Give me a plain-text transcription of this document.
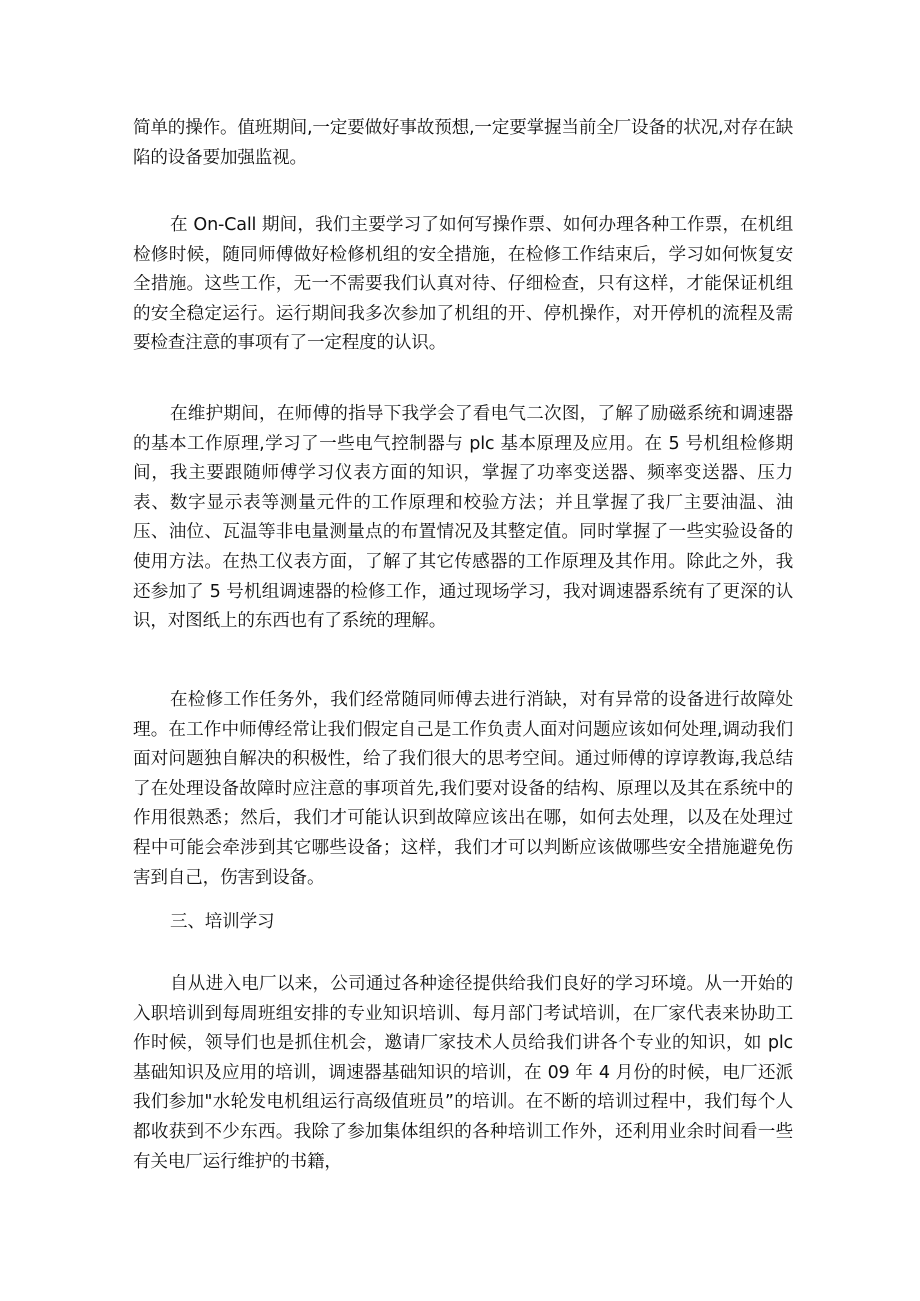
简单的操作。值班期间,一定要做好事故预想,一定要掌握当前全厂设备的状况,对存在缺陷的设备要加强监视。

在 On-Call 期间，我们主要学习了如何写操作票、如何办理各种工作票，在机组检修时候，随同师傅做好检修机组的安全措施，在检修工作结束后，学习如何恢复安全措施。这些工作，无一不需要我们认真对待、仔细检查，只有这样，才能保证机组的安全稳定运行。运行期间我多次参加了机组的开、停机操作，对开停机的流程及需要检查注意的事项有了一定程度的认识。

在维护期间，在师傅的指导下我学会了看电气二次图，了解了励磁系统和调速器的基本工作原理,学习了一些电气控制器与 plc 基本原理及应用。在 5 号机组检修期间，我主要跟随师傅学习仪表方面的知识，掌握了功率变送器、频率变送器、压力表、数字显示表等测量元件的工作原理和校验方法；并且掌握了我厂主要油温、油压、油位、瓦温等非电量测量点的布置情况及其整定值。同时掌握了一些实验设备的使用方法。在热工仪表方面，了解了其它传感器的工作原理及其作用。除此之外，我还参加了 5 号机组调速器的检修工作，通过现场学习，我对调速器系统有了更深的认识，对图纸上的东西也有了系统的理解。

在检修工作任务外，我们经常随同师傅去进行消缺，对有异常的设备进行故障处理。在工作中师傅经常让我们假定自己是工作负责人面对问题应该如何处理,调动我们面对问题独自解决的积极性，给了我们很大的思考空间。通过师傅的谆谆教诲,我总结了在处理设备故障时应注意的事项首先,我们要对设备的结构、原理以及其在系统中的作用很熟悉；然后，我们才可能认识到故障应该出在哪，如何去处理，以及在处理过程中可能会牵涉到其它哪些设备；这样，我们才可以判断应该做哪些安全措施避免伤害到自己，伤害到设备。

三、培训学习

自从进入电厂以来，公司通过各种途径提供给我们良好的学习环境。从一开始的入职培训到每周班组安排的专业知识培训、每月部门考试培训，在厂家代表来协助工作时候，领导们也是抓住机会，邀请厂家技术人员给我们讲各个专业的知识，如 plc 基础知识及应用的培训，调速器基础知识的培训，在 09 年 4 月份的时候，电厂还派我们参加"水轮发电机组运行高级值班员”的培训。在不断的培训过程中，我们每个人都收获到不少东西。我除了参加集体组织的各种培训工作外，还利用业余时间看一些有关电厂运行维护的书籍，
